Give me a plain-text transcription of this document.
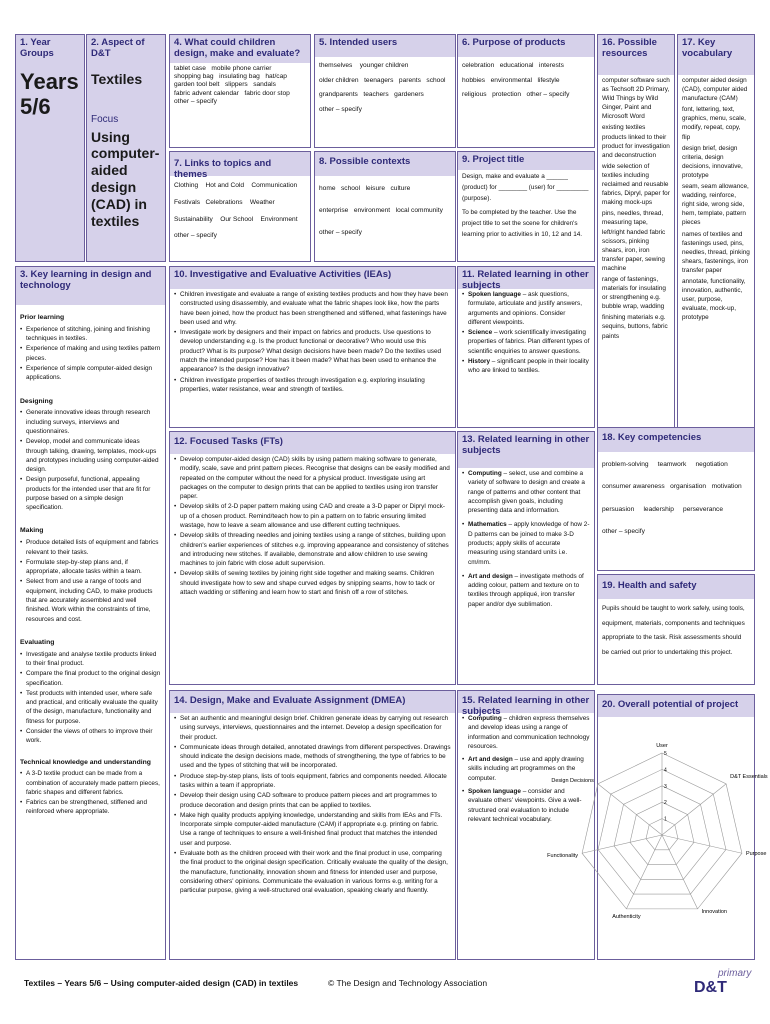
1. Year Groups
Years 5/6
2. Aspect of D&T
Textiles
Focus
Using computer-aided design (CAD) in textiles
4. What could children design, make and evaluate?
tablet case mobile phone carrier
shopping bag insulating bag hat/cap
garden tool belt slippers sandals
fabric advent calendar fabric door stop
other – specify
5. Intended users
themselves younger children
older children teenagers parents school
grandparents teachers gardeners
other – specify
6. Purpose of products
celebration educational interests
hobbies environmental lifestyle
religious protection other – specify
7. Links to topics and themes
Clothing Hot and Cold Communication
Festivals Celebrations Weather
Sustainability Our School Environment
other – specify
8. Possible contexts
home school leisure culture
enterprise environment local community
other – specify
9. Project title

Design, make and evaluate a ______ (product) for ________ (user) for _________ (purpose).

To be completed by the teacher. Use the project title to set the scene for children's learning prior to activities in 10, 12 and 14.

16. Possible resources

computer software such as Techsoft 2D Primary, Wild Things by Wild Ginger, Paint and Microsoft Word

existing textiles products linked to their product for investigation and deconstruction

wide selection of textiles including reclaimed and reusable fabrics, Dipryl, paper for making mock-ups

pins, needles, thread, measuring tape, left/right handed fabric scissors, pinking shears, iron, iron transfer paper, sewing machine

range of fastenings, materials for insulating or strengthening e.g. bubble wrap, wadding

finishing materials e.g. sequins, buttons, fabric paints

17. Key vocabulary

computer aided design (CAD), computer aided manufacture (CAM)

font, lettering, text, graphics, menu, scale, modify, repeat, copy, flip

design brief, design criteria, design decisions, innovative, prototype

seam, seam allowance, wadding, reinforce, right side, wrong side, hem, template, pattern pieces

names of textiles and fastenings used, pins, needles, thread, pinking shears, fastenings, iron transfer paper

annotate, functionality, innovation, authentic, user, purpose, evaluate, mock-up, prototype

3. Key learning in design and technology
Prior learning
• Experience of stitching, joining and finishing techniques in textiles.
• Experience of making and using textiles pattern pieces.
• Experience of simple computer-aided design applications.
Designing
• Generate innovative ideas through research including surveys, interviews and questionnaires.
• Develop, model and communicate ideas through talking, drawing, templates, mock-ups and prototypes including using computer-aided design.
• Design purposeful, functional, appealing products for the intended user that are fit for purpose based on a simple design specification.
Making
• Produce detailed lists of equipment and fabrics relevant to their tasks.
• Formulate step-by-step plans and, if appropriate, allocate tasks within a team.
• Select from and use a range of tools and equipment, including CAD, to make products that are accurately assembled and well finished. Work within the constraints of time, resources and cost.
Evaluating
• Investigate and analyse textile products linked to their final product.
• Compare the final product to the original design specification.
• Test products with intended user, where safe and practical, and critically evaluate the quality of the design, manufacture, functionality and fitness for purpose.
• Consider the views of others to improve their work.
Technical knowledge and understanding
• A 3-D textile product can be made from a combination of accurately made pattern pieces, fabric shapes and different fabrics.
• Fabrics can be strengthened, stiffened and reinforced where appropriate.
10. Investigative and Evaluative Activities (IEAs)
• Children investigate and evaluate a range of existing textiles products and how they have been constructed using disassembly, and evaluate what the fabric shapes look like, how the parts have been joined, how the product has been strengthened and stiffened, what fastenings have been used and why.
• Investigate work by designers and their impact on fabrics and products. Use questions to develop understanding e.g. Is the product functional or decorative? Who would use this product? What is its purpose? What design decisions have been made? Do the textiles used match the intended purpose? How has it been made? What has been used to enhance the appearance? Is the design innovative?
• Children investigate properties of textiles through investigation e.g. exploring insulating properties, water resistance, wear and strength of textiles.
11. Related learning in other subjects
• Spoken language – ask questions, formulate, articulate and justify answers, arguments and opinions. Consider different viewpoints.
• Science – work scientifically investigating properties of fabrics. Plan different types of scientific enquiries to answer questions.
• History – significant people in their locality who are linked to textiles.
12. Focused Tasks (FTs)
• Develop computer-aided design (CAD) skills by using pattern making software to generate, modify, scale, save and print pattern pieces. Recognise that designs can be easily modified and repeated on the computer without the need for a physical product. Investigate using art packages on the computer to design prints that can be applied to textiles using iron transfer paper.
• Develop skills of 2-D paper pattern making using CAD and create a 3-D paper or Dipryl mock-up of a chosen product. Remind/teach how to pin a pattern on to fabric ensuring limited wastage, how to leave a seam allowance and use different cutting techniques.
• Develop skills of threading needles and joining textiles using a range of stitches, building upon children's earlier experiences of stitches e.g. improving appearance and consistency of stitches and introducing new stitches. If available, demonstrate and allow children to use sewing machines to join fabric with close adult supervision.
• Develop skills of sewing textiles by joining right side together and making seams. Children should investigate how to sew and shape curved edges by snipping seams, how to tack or attach wadding or stiffening and learn how to start and finish off a row of stitches.
13. Related learning in other subjects
• Computing – select, use and combine a variety of software to design and create a range of patterns and other content that accomplish given goals, including presenting data and information.
• Mathematics – apply knowledge of how 2-D patterns can be joined to make 3-D products; apply skills of accurate measuring using standard units i.e. cm/mm.
• Art and design – investigate methods of adding colour, pattern and texture on to textiles through appliqué, iron transfer paper and/or dye sublimation.
18. Key competencies
problem-solving teamwork negotiation
consumer awareness organisation motivation
persuasion leadership perseverance
other – specify
19. Health and safety
Pupils should be taught to work safely, using tools, equipment, materials, components and techniques appropriate to the task. Risk assessments should be carried out prior to undertaking this project.
14. Design, Make and Evaluate Assignment (DMEA)
• Set an authentic and meaningful design brief. Children generate ideas by carrying out research using surveys, interviews, questionnaires and the internet. Develop a design specification for their product.
• Communicate ideas through detailed, annotated drawings from different perspectives. Drawings should indicate the design decisions made, methods of strengthening, the type of fabrics to be used and the types of stitching that will be incorporated.
• Produce step-by-step plans, lists of tools equipment, fabrics and components needed. Allocate tasks within a team if appropriate.
• Develop their design using CAD software to produce pattern pieces and art programmes to produce decoration and design prints that can be applied to textiles.
• Make high quality products applying knowledge, understanding and skills from IEAs and FTs. Incorporate simple computer-aided manufacture (CAM) if appropriate e.g. printing on fabric. Use a range of techniques to ensure a well-finished final product that matches the intended user and purpose.
• Evaluate both as the children proceed with their work and the final product in use, comparing the final product to the original design specification. Critically evaluate the quality of the design, the manufacture, functionality, innovation shown and fitness for intended user and purpose, considering others' opinions. Communicate the evaluation in various forms e.g. writing for a particular purpose, giving a well-structured oral evaluation, speaking clearly and fluently.
15. Related learning in other subjects
• Computing – children express themselves and develop ideas using a range of information and communication technology resources.
• Art and design – use and apply drawing skills including art programmes on the computer.
• Spoken language – consider and evaluate others' viewpoints. Give a well-structured oral evaluation to include relevant technical vocabulary.
20. Overall potential of project
User
D&T Essentials
Purpose
Innovation
Authenticity
Functionality
Design Decisions
1
2
3
4
5
Textiles – Years 5/6 – Using computer-aided design (CAD) in textiles	© The Design and Technology Association
primary
D&T
